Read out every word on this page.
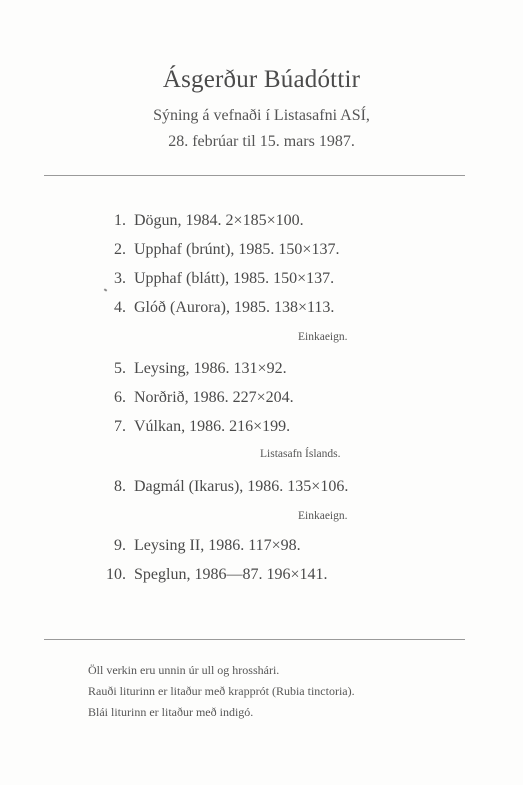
Ásgerður Búadóttir
Sýning á vefnaði í Listasafni ASÍ,
28. febrúar til 15. mars 1987.
1. Dögun, 1984. 2×185×100.
2. Upphaf (brúnt), 1985. 150×137.
3. Upphaf (blátt), 1985. 150×137.
4. Glóð (Aurora), 1985. 138×113.
Einkaeign.
5. Leysing, 1986. 131×92.
6. Norðrið, 1986. 227×204.
7. Vúlkan, 1986. 216×199.
Listasafn Íslands.
8. Dagmál (Ikarus), 1986. 135×106.
Einkaeign.
9. Leysing II, 1986. 117×98.
10. Speglun, 1986—87. 196×141.
Öll verkin eru unnin úr ull og hrosshári.
Rauði liturinn er litaður með krapprót (Rubia tinctoria).
Blái liturinn er litaður með indigó.
